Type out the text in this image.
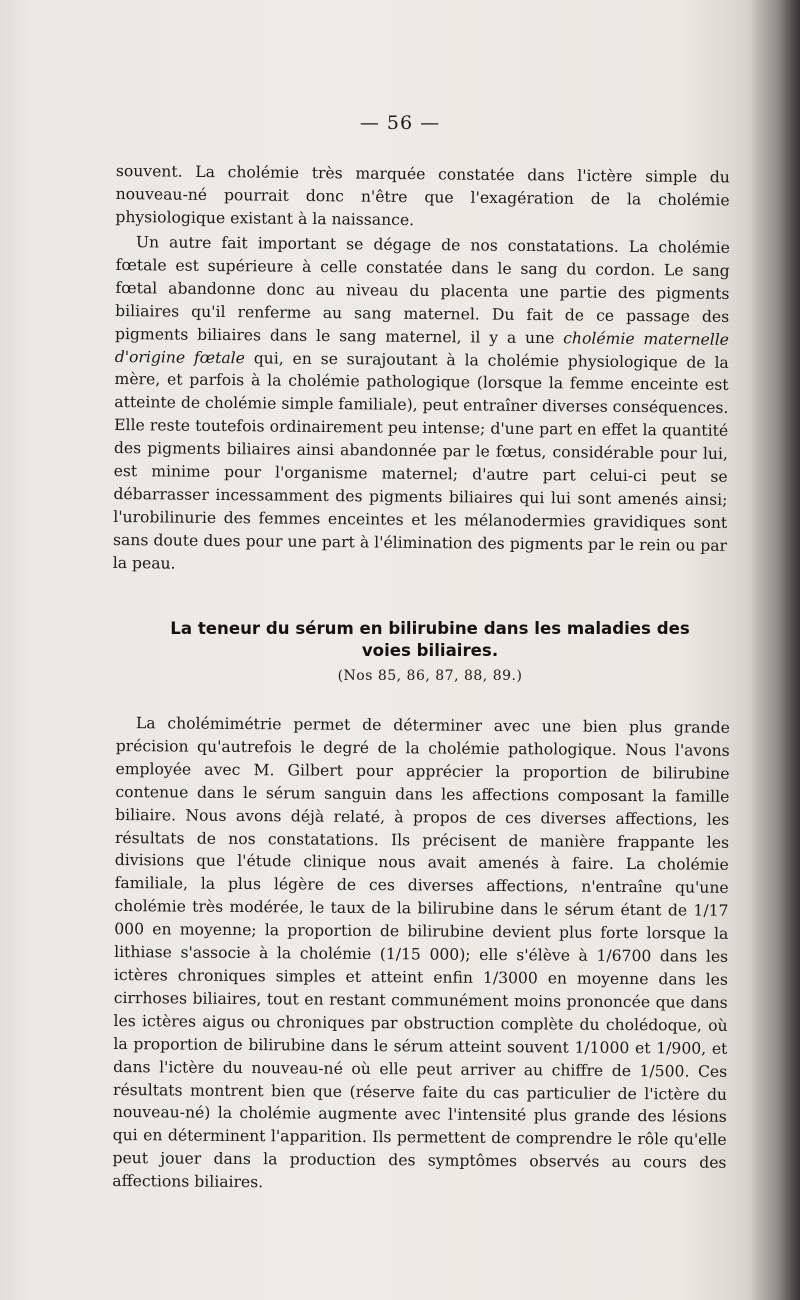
— 56 —

souvent. La cholémie très marquée constatée dans l'ictère simple du nouveau-né pourrait donc n'être que l'exagération de la cholémie physiologique existant à la naissance.

Un autre fait important se dégage de nos constatations. La cholémie fœtale est supérieure à celle constatée dans le sang du cordon. Le sang fœtal abandonne donc au niveau du placenta une partie des pigments biliaires qu'il renferme au sang maternel. Du fait de ce passage des pigments biliaires dans le sang maternel, il y a une cholémie maternelle d'origine fœtale qui, en se surajoutant à la cholémie physiologique de la mère, et parfois à la cholémie pathologique (lorsque la femme enceinte est atteinte de cholémie simple familiale), peut entraîner diverses conséquences. Elle reste toutefois ordinairement peu intense; d'une part en effet la quantité des pigments biliaires ainsi abandonnée par le fœtus, considérable pour lui, est minime pour l'organisme maternel; d'autre part celui-ci peut se débarrasser incessamment des pigments biliaires qui lui sont amenés ainsi; l'urobilinurie des femmes enceintes et les mélanodermies gravidiques sont sans doute dues pour une part à l'élimination des pigments par le rein ou par la peau.

La teneur du sérum en bilirubine dans les maladies des voies biliaires.
(Nos 85, 86, 87, 88, 89.)

La cholémimétrie permet de déterminer avec une bien plus grande précision qu'autrefois le degré de la cholémie pathologique. Nous l'avons employée avec M. Gilbert pour apprécier la proportion de bilirubine contenue dans le sérum sanguin dans les affections composant la famille biliaire. Nous avons déjà relaté, à propos de ces diverses affections, les résultats de nos constatations. Ils précisent de manière frappante les divisions que l'étude clinique nous avait amenés à faire. La cholémie familiale, la plus légère de ces diverses affections, n'entraîne qu'une cholémie très modérée, le taux de la bilirubine dans le sérum étant de 1/17 000 en moyenne; la proportion de bilirubine devient plus forte lorsque la lithiase s'associe à la cholémie (1/15 000); elle s'élève à 1/6700 dans les ictères chroniques simples et atteint enfin 1/3000 en moyenne dans les cirrhoses biliaires, tout en restant communément moins prononcée que dans les ictères aigus ou chroniques par obstruction complète du cholédoque, où la proportion de bilirubine dans le sérum atteint souvent 1/1000 et 1/900, et dans l'ictère du nouveau-né où elle peut arriver au chiffre de 1/500. Ces résultats montrent bien que (réserve faite du cas particulier de l'ictère du nouveau-né) la cholémie augmente avec l'intensité plus grande des lésions qui en déterminent l'apparition. Ils permettent de comprendre le rôle qu'elle peut jouer dans la production des symptômes observés au cours des affections biliaires.
